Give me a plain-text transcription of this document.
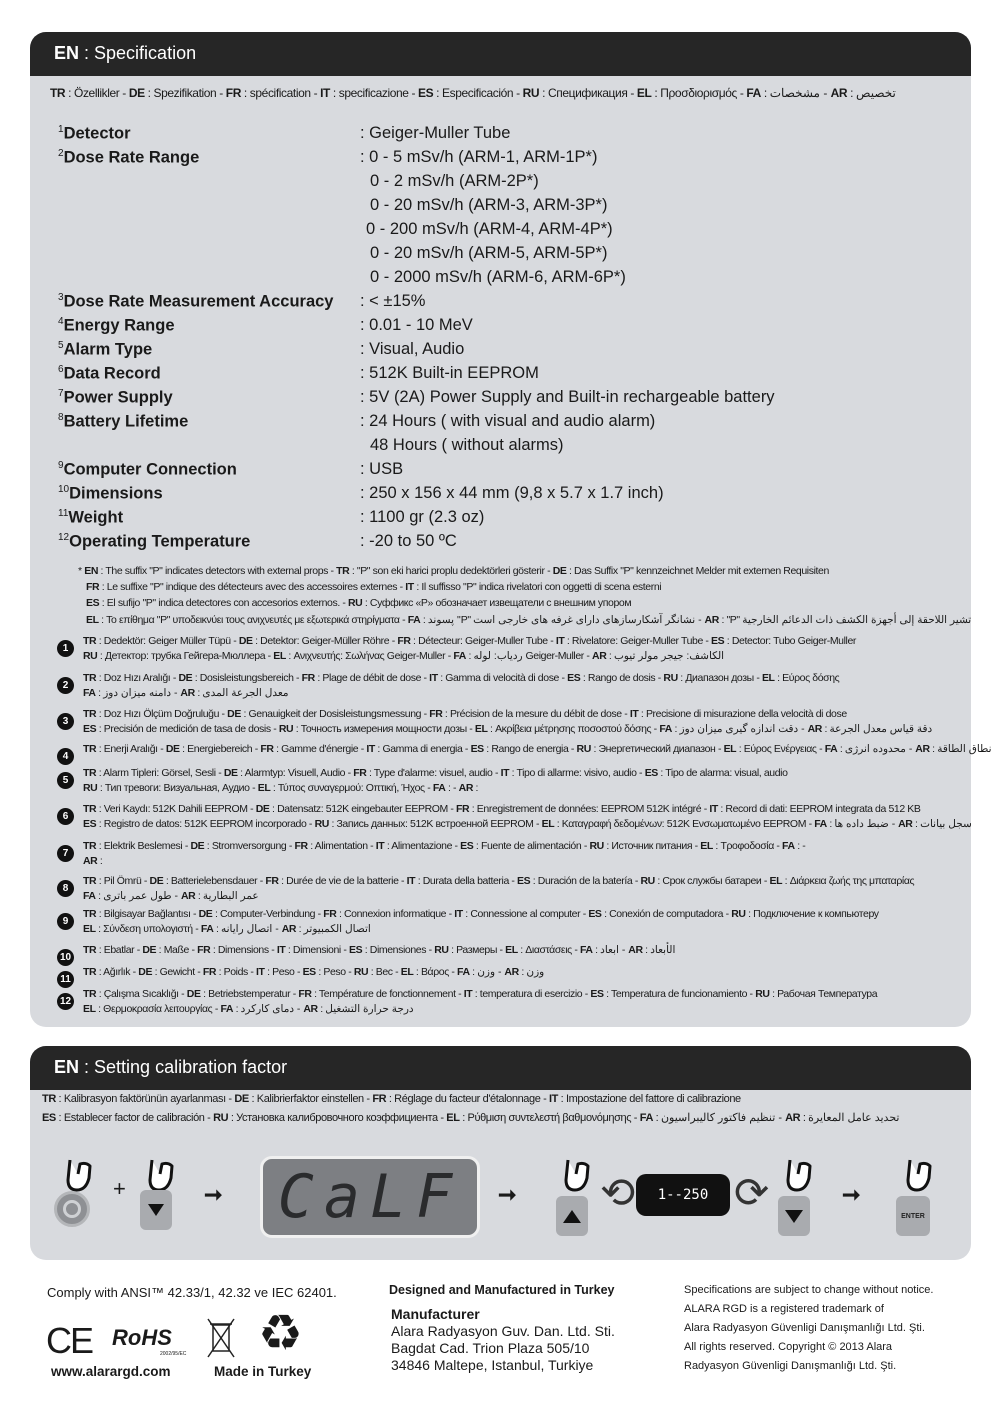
EN : Specification
TR : Özellikler - DE : Spezifikation - FR : spécification - IT : specificazione - ES : Especificación - RU : Спецификация - EL : Προσδιορισμός - FA : مشخصات - AR : تخصيص
$^1$Detector	: Geiger-Muller Tube
$^2$Dose Rate Range	: 0 - 5 mSv/h (ARM-1, ARM-1P*)
0 - 2 mSv/h (ARM-2P*)
0 - 20 mSv/h (ARM-3, ARM-3P*)
0 - 200 mSv/h (ARM-4, ARM-4P*)
0 - 20 mSv/h (ARM-5, ARM-5P*)
0 - 2000 mSv/h (ARM-6, ARM-6P*)
$^3$Dose Rate Measurement Accuracy : < ±15%
$^4$Energy Range	: 0.01 - 10 MeV
$^5$Alarm Type	: Visual, Audio
$^6$Data Record	: 512K Built-in EEPROM
$^7$Power Supply	: 5V (2A) Power Supply and Built-in rechargeable battery
$^8$Battery Lifetime	: 24 Hours ( with visual and audio alarm)
48 Hours ( without alarms)
$^9$Computer Connection	: USB
$^{10}$Dimensions	: 250 x 156 x 44 mm (9,8 x 5.7 x 1.7 inch)
$^{11}$Weight	: 1100 gr (2.3 oz)
$^{12}$Operating Temperature	: -20 to 50 ºC
* EN : The suffix "P" indicates detectors with external props - TR : "P" son eki harici proplu dedektörleri gösterir - DE : Das Suffix "P" kennzeichnet Melder mit externen Requisiten
FR : Le suffixe "P" indique des détecteurs avec des accessoires externes - IT : Il suffisso "P" indica rivelatori con oggetti di scena esterni
ES : El sufijo "P" indica detectores con accesorios externos. - RU : Суффикс «P» обозначает извещатели с внешним упором
EL : Το επίθημα "P" υποδεικνύει τους ανιχνευτές με εξωτερικά στηρίγματα - FA : پسوند "P" نشانگر آشکارسازهای دارای غرفه های خارجی است - AR : "P" تشير اللاحقة إلى أجهزة الكشف ذات الدعائم الخارجية
1
TR : Dedektör: Geiger Müller Tüpü - DE : Detektor: Geiger-Müller Röhre - FR : Détecteur: Geiger-Muller Tube - IT : Rivelatore: Geiger-Muller Tube - ES : Detector: Tubo Geiger-Muller
RU : Детектор: трубка Гейгера-Мюллера - EL : Ανιχνευτής: Σωλήνας Geiger-Muller - FA : ردیاب: لوله Geiger-Muller - AR : الكاشف: جيجر مولر تيوب
2
TR : Doz Hızı Aralığı - DE : Dosisleistungsbereich - FR : Plage de débit de dose - IT : Gamma di velocità di dose - ES : Rango de dosis - RU : Диапазон дозы - EL : Εύρος δόσης
FA : دامنه میزان دوز - AR : معدل الجرعة المدى
3
TR : Doz Hızı Ölçüm Doğruluğu - DE : Genauigkeit der Dosisleistungsmessung - FR : Précision de la mesure du débit de dose - IT : Precisione di misurazione della velocità di dose
ES : Precisión de medición de tasa de dosis - RU : Точность измерения мощности дозы - EL : Ακρίβεια μέτρησης ποσοστού δόσης - FA : دقت اندازه گیری میزان دوز - AR : دقة قياس معدل الجرعة
4
TR : Enerji Aralığı - DE : Energiebereich - FR : Gamme d'énergie - IT : Gamma di energia - ES : Rango de energia - RU : Энергетический диапазон - EL : Εύρος Ενέργειας - FA : محدوده انرژی - AR : نطاق الطاقة
5
TR : Alarm Tipleri: Görsel, Sesli - DE : Alarmtyp: Visuell, Audio - FR : Type d'alarme: visuel, audio - IT : Tipo di allarme: visivo, audio - ES : Tipo de alarma: visual, audio
RU : Тип тревоги: Визуальная, Аудио - EL : Τύπος συναγερμού: Οπτική, Ήχος - FA : - AR :
6
TR : Veri Kaydı: 512K Dahili EEPROM - DE : Datensatz: 512K eingebauter EEPROM - FR : Enregistrement de données: EEPROM 512K intégré - IT : Record di dati: EEPROM integrata da 512 KB
ES : Registro de datos: 512K EEPROM incorporado - RU : Запись данных: 512K встроенной EEPROM - EL : Καταγραφή δεδομένων: 512K Ενσωματωμένο EEPROM - FA : ضبط داده ها - AR : سجل بيانات
7
TR : Elektrik Beslemesi - DE : Stromversorgung - FR : Alimentation - IT : Alimentazione - ES : Fuente de alimentación - RU : Источник питания - EL : Τροφοδοσία - FA : -
AR :
8
TR : Pil Ömrü - DE : Batterielebensdauer - FR : Durée de vie de la batterie - IT : Durata della batteria - ES : Duración de la batería - RU : Срок службы батареи - EL : Διάρκεια ζωής της μπαταρίας
FA : طول عمر باتری - AR : عمر البطارية
9
TR : Bilgisayar Bağlantısı - DE : Computer-Verbindung - FR : Connexion informatique - IT : Connessione al computer - ES : Conexión de computadora - RU : Подключение к компьютеру
EL : Σύνδεση υπολογιστή - FA : اتصال رایانه - AR : اتصال الكمبيوتر
10
TR : Ebatlar - DE : Maße - FR : Dimensions - IT : Dimensioni - ES : Dimensiones - RU : Размеры - EL : Διαστάσεις - FA : ابعاد - AR : الأبعاد
11
TR : Ağırlık - DE : Gewicht - FR : Poids - IT : Peso - ES : Peso - RU : Вес - EL : Βάρος - FA : وزن - AR : وزن
12
TR : Çalışma Sıcaklığı - DE : Betriebstemperatur - FR : Température de fonctionnement - IT : temperatura di esercizio - ES : Temperatura de funcionamiento - RU : Рабочая Температура
EL : Θερμοκρασία λειτουργίας - FA : دمای کارکرد - AR : درجة حرارة التشغيل
EN : Setting calibration factor
TR : Kalibrasyon faktörünün ayarlanması - DE : Kalibrierfaktor einstellen - FR : Réglage du facteur d'étalonnage - IT : Impostazione del fattore di calibrazione
ES : Establecer factor de calibración - RU : Установка калибровочного коэффициента - EL : Ρύθμιση συντελεστή βαθμονόμησης - FA : تنظیم فاکتور کالیبراسیون - AR : تحديد عامل المعايرة
+	➞ CaLF ➞ ⟲	1--250 ⟳	➞
ENTER
Comply with ANSI™ 42.33/1, 42.32 ve IEC 62401.
CE RoHS
2002/95/EC ♻
www.alarargd.com	Made in Turkey
Designed and Manufactured in Turkey
Manufacturer
Alara Radyasyon Guv. Dan. Ltd. Sti.
Bagdat Cad. Trion Plaza 505/10
34846 Maltepe, Istanbul, Turkiye
Specifications are subject to change without notice.
ALARA RGD is a registered trademark of
Alara Radyasyon Güvenligi Danışmanlığı Ltd. Şti.
All rights reserved. Copyright © 2013 Alara
Radyasyon Güvenligi Danışmanlığı Ltd. Şti.
